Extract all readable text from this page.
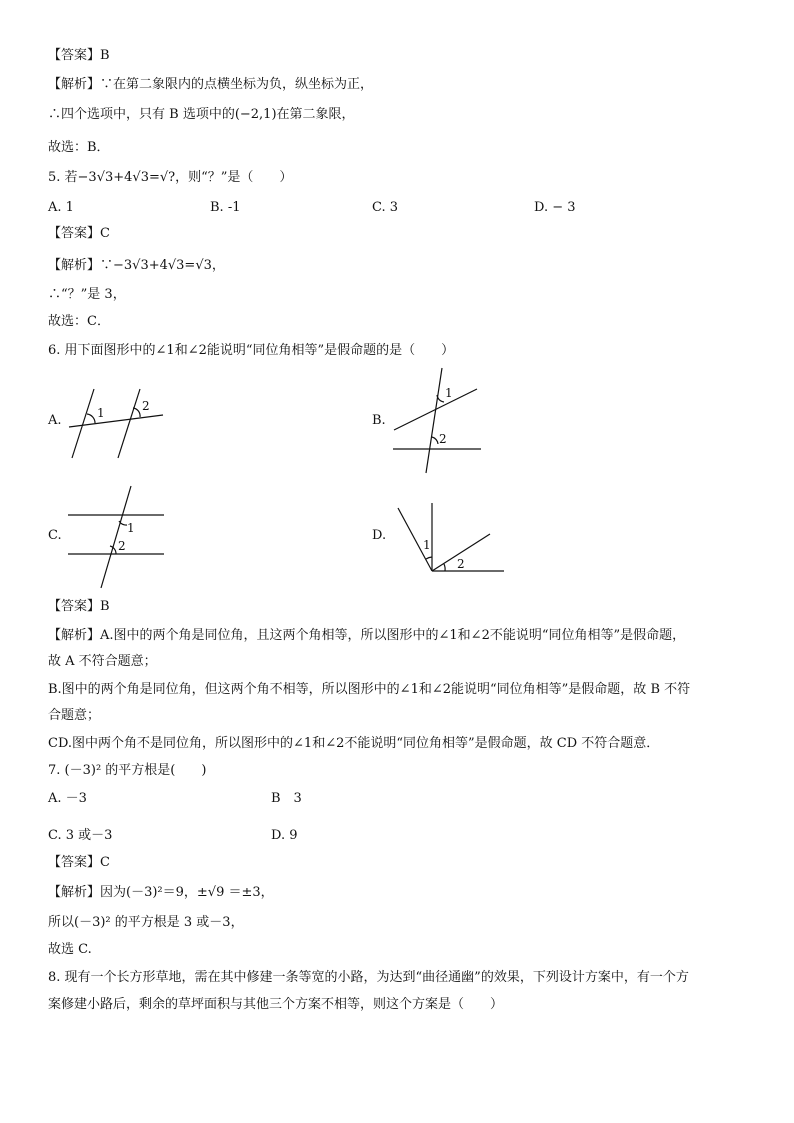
【答案】B
【解析】∵在第二象限内的点横坐标为负，纵坐标为正，
∴四个选项中，只有 B 选项中的(−2,1)在第二象限，
故选：B．
5. 若−3√3+4√3=√?，则“？”是（　　）
A. 1	B. -1	C. 3	D. − 3
【答案】C
【解析】∵−3√3+4√3=√3，
∴“？”是 3，
故选：C．
6. 用下面图形中的∠1和∠2能说明“同位角相等”是假命题的是（　　）
A.	1	2
B.
1
2
C.	1
2
D.
1
2
【答案】B
【解析】A.图中的两个角是同位角，且这两个角相等，所以图形中的∠1和∠2不能说明“同位角相等”是假命题，
故 A 不符合题意；
B.图中的两个角是同位角，但这两个角不相等，所以图形中的∠1和∠2能说明“同位角相等”是假命题，故 B 不符
合题意；
CD.图中两个角不是同位角，所以图形中的∠1和∠2不能说明“同位角相等”是假命题，故 CD 不符合题意．
7. (－3)² 的平方根是(　　)
A. －3	B　3
C. 3 或－3	D. 9
【答案】C
【解析】因为(－3)²＝9，±√9 ＝±3，
所以(－3)² 的平方根是 3 或－3，
故选 C.
8. 现有一个长方形草地，需在其中修建一条等宽的小路，为达到“曲径通幽”的效果，下列设计方案中，有一个方
案修建小路后，剩余的草坪面积与其他三个方案不相等，则这个方案是（　　）
